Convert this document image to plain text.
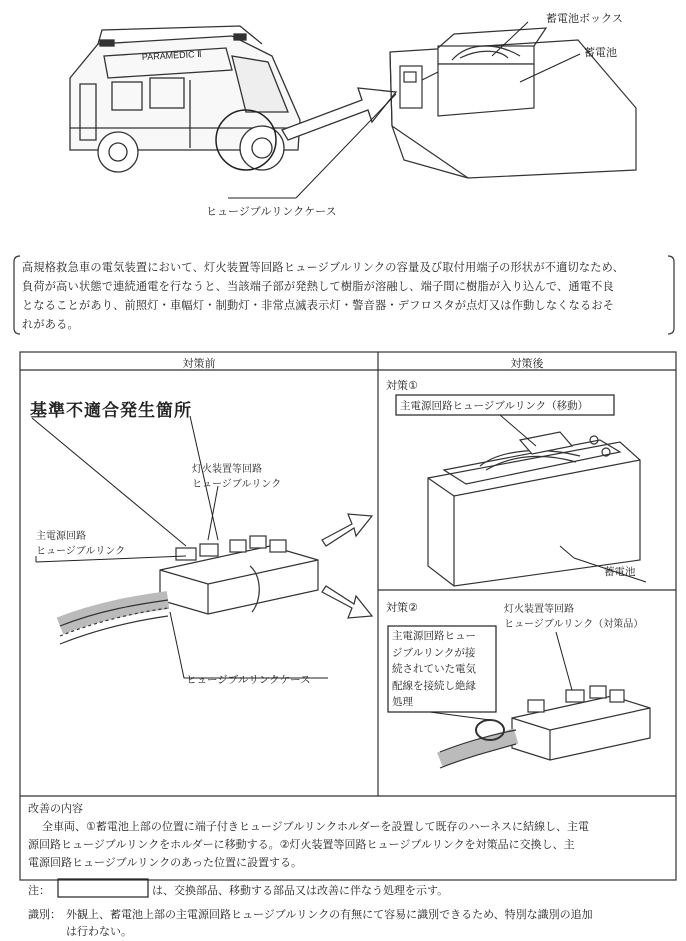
PARAMEDIC Ⅱ
蓄電池ボックス
蓄電池
ヒュージブルリンクケース
高規格救急車の電気装置において、灯火装置等回路ヒュージブルリンクの容量及び取付用端子の形状が不適切なため、
負荷が高い状態で連続通電を行なうと、当該端子部が発熱して樹脂が溶融し、端子間に樹脂が入り込んで、通電不良
となることがあり、前照灯・車幅灯・制動灯・非常点滅表示灯・警音器・デフロスタが点灯又は作動しなくなるおそ
れがある。
対策前	対策後
基準不適合発生箇所
灯火装置等回路
ヒュージブルリンク
主電源回路
ヒュージブルリンク
ヒュージブルリンクケース
対策①
主電源回路ヒュージブルリンク（移動）
蓄電池
対策②	灯火装置等回路
ヒュージブルリンク（対策品）
主電源回路ヒュー
ジブルリンクが接
続されていた電気
配線を接続し絶縁
処理
改善の内容
全車両、①蓄電池上部の位置に端子付きヒュージブルリンクホルダーを設置して既存のハーネスに結線し、主電
源回路ヒュージブルリンクをホルダーに移動する。②灯火装置等回路ヒュージブルリンクを対策品に交換し、主
電源回路ヒュージブルリンクのあった位置に設置する。
注：	は、交換部品、移動する部品又は改善に伴なう処理を示す。
識別： 外観上、蓄電池上部の主電源回路ヒュージブルリンクの有無にて容易に識別できるため、特別な識別の追加
は行わない。
